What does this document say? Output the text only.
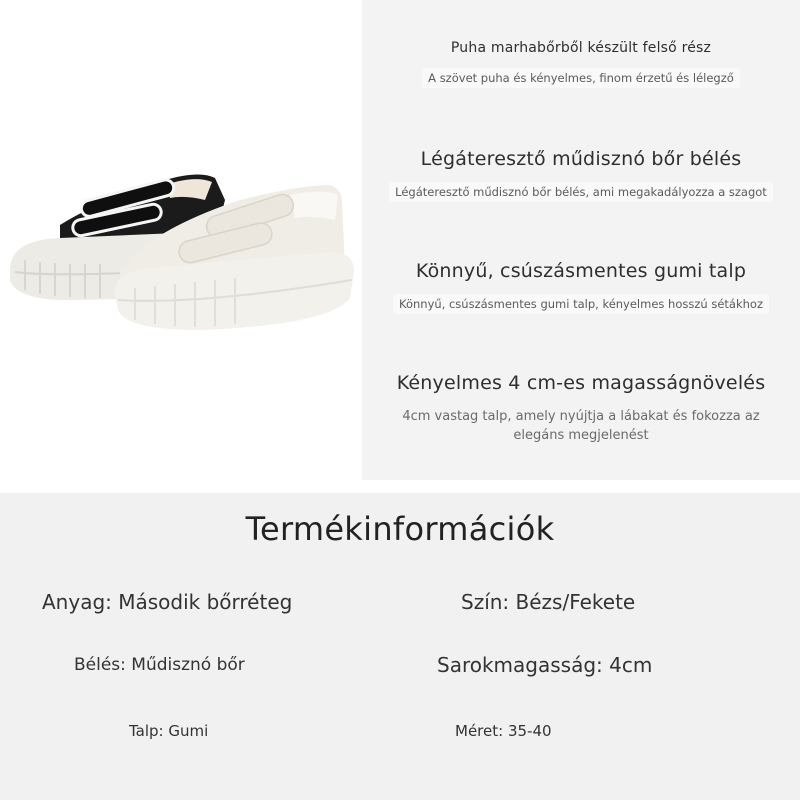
Puha marhabőrből készült felső rész
A szövet puha és kényelmes, finom érzetű és lélegző
Légáteresztő műdisznó bőr bélés
Légáteresztő műdisznó bőr bélés, ami megakadályozza a szagot
Könnyű, csúszásmentes gumi talp
Könnyű, csúszásmentes gumi talp, kényelmes hosszú sétákhoz
Kényelmes 4 cm-es magasságnövelés
4cm vastag talp, amely nyújtja a lábakat és fokozza az elegáns megjelenést
Termékinformációk
Anyag: Második bőrréteg	Szín: Bézs/Fekete
Bélés: Műdisznó bőr	Sarokmagasság: 4cm
Talp: Gumi	Méret: 35-40
